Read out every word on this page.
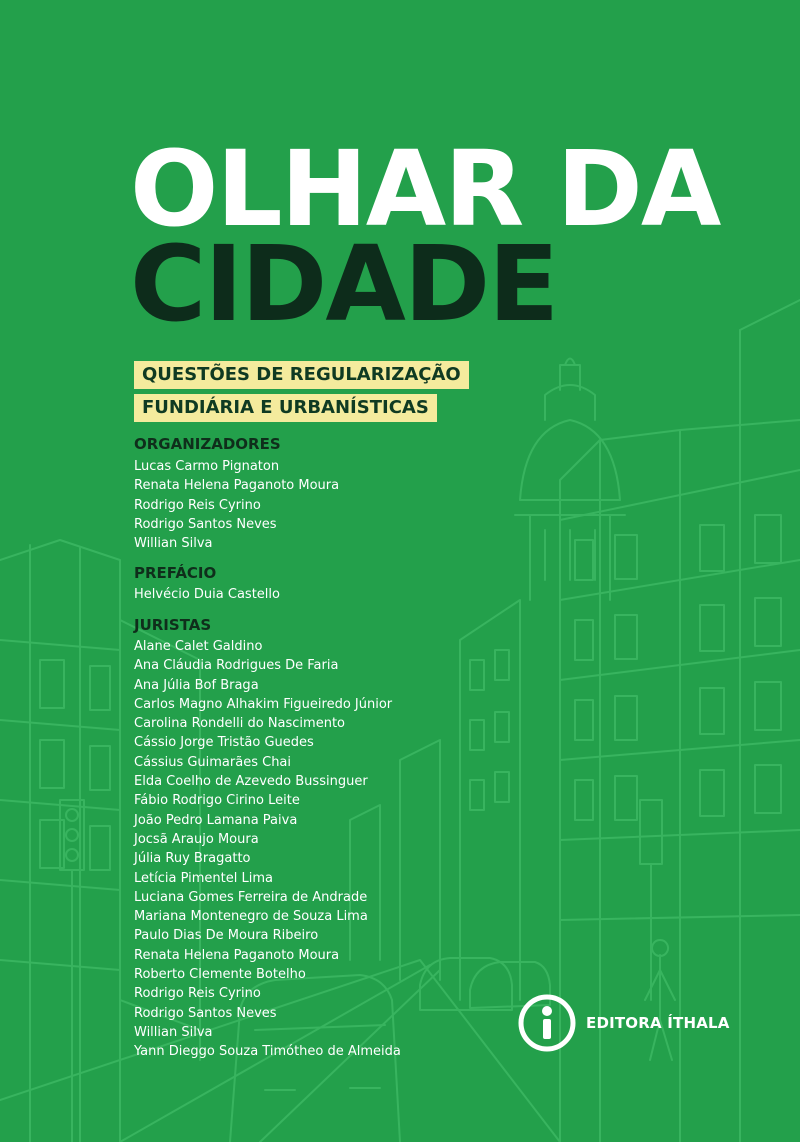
OLHAR DA
CIDADE
QUESTÕES DE REGULARIZAÇÃO
FUNDIÁRIA E URBANÍSTICAS
ORGANIZADORES
Lucas Carmo Pignaton
Renata Helena Paganoto Moura
Rodrigo Reis Cyrino
Rodrigo Santos Neves
Willian Silva
PREFÁCIO
Helvécio Duia Castello
JURISTAS
Alane Calet Galdino
Ana Cláudia Rodrigues De Faria
Ana Júlia Bof Braga
Carlos Magno Alhakim Figueiredo Júnior
Carolina Rondelli do Nascimento
Cássio Jorge Tristão Guedes
Cássius Guimarães Chai
Elda Coelho de Azevedo Bussinguer
Fábio Rodrigo Cirino Leite
João Pedro Lamana Paiva
Jocsã Araujo Moura
Júlia Ruy Bragatto
Letícia Pimentel Lima
Luciana Gomes Ferreira de Andrade
Mariana Montenegro de Souza Lima
Paulo Dias De Moura Ribeiro
Renata Helena Paganoto Moura
Roberto Clemente Botelho
Rodrigo Reis Cyrino
Rodrigo Santos Neves
Willian Silva
Yann Dieggo Souza Timótheo de Almeida
EDITORA ÍTHALA
